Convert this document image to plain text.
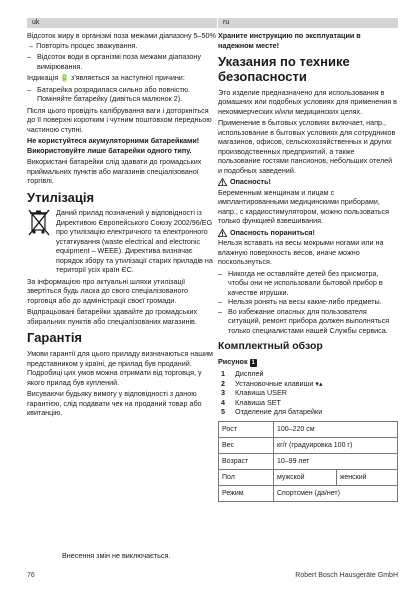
uk

Відсоток жиру в організмі поза межами діапазону 5–50% → Повторіть процес зважування.

– Відсоток води в організмі поза межами діапазону вимірювання.

Індикація 🔋 з'являється за наступної причини:

– Батарейка розрядилася сильно або повністю. Поміняйте батарейку (дивіться малюнок 2).

Після цього провідіть калібрування ваги і доторкніться до її поверхні коротким і чутним поштовхом передньою частиною ступні.

Не користуйтеся акумуляторними батарейками! Використовуйте лише батарейки одного типу.

Використані батарейки слід здавати до громадських приймальних пунктів або магазинів спеціалізованої торгівлі.

Утилізація
Даний прилад позначений у відповідності із Директивою Європейського Союзу 2002/96/EG про утилізацію електричного та електронного устаткування (waste electrical and electronic equipment – WEEE). Директива визначає порядок збору та утилізації старих приладів на території усіх країн ЄС.

За інформацією про актуальні шляхи утилізації звертіться будь ласка до свого спеціалізованого торговця або до адміністрації своєї громади.

Відпрацьовані батарейки здавайте до громадських збиральних пунктів або спеціалізованих магазинів.

Гарантія

Умови гарантії для цього приладу визначаються нашим представником у країні, де прилад був проданий. Подробиці цих умов можна отримати від торговця, у якого прилад був куплений.

Висуваючи будьяку вимогу у відповідності з даною гарантією, слід подавати чек на проданий товар або квитанцію.

Внесення змін не виключається.
ru

Храните инструкцию по эксплуатации в надежном месте!

Указания по технике безопасности

Это изделие предназначено для использования в домашних или подобных условиях для применения в некоммерческих и/или медицинских целях.

Применение в бытовых условиях включает, напр., использование в бытовых условиях для сотрудников магазинов, офисов, сельскохозяйственных и других производственных предприятий, а также пользование гостями пансионов, небольших отелей и подобных заведений.

Опасность!

Беременным женщинам и лицам с имплантированными медицинскими приборами, напр., с кардиостимулятором, можно пользоваться только функцией взвешивания.

Опасность пораниться!

Нельзя вставать на весы мокрыми ногами или на влажную поверхность весов, иначе можно поскользнуться.

– Никогда не оставляйте детей без присмотра, чтобы они не использовали бытовой прибор в качестве игрушки.
– Нельзя ронять на весы какие-либо предметы.
– Во избежание опасных для пользователя ситуаций, ремонт прибора должен выполняться только специалистами нашей Службы сервиса.
Комплектный обзор
Рисунок 1
1	Дисплей
2	Установочные клавиши ▾▴
3	Клавиша USER
4	Клавиша SET
5	Отделение для батарейки
Рост	100–220 см	
Вес	кг/г (градуировка 100 г)	
Возраст	10–99 лет	
Пол	мужской	женский
Режим	Спортсмен (да/нет)	
76	Robert Bosch Hausgeräte GmbH
